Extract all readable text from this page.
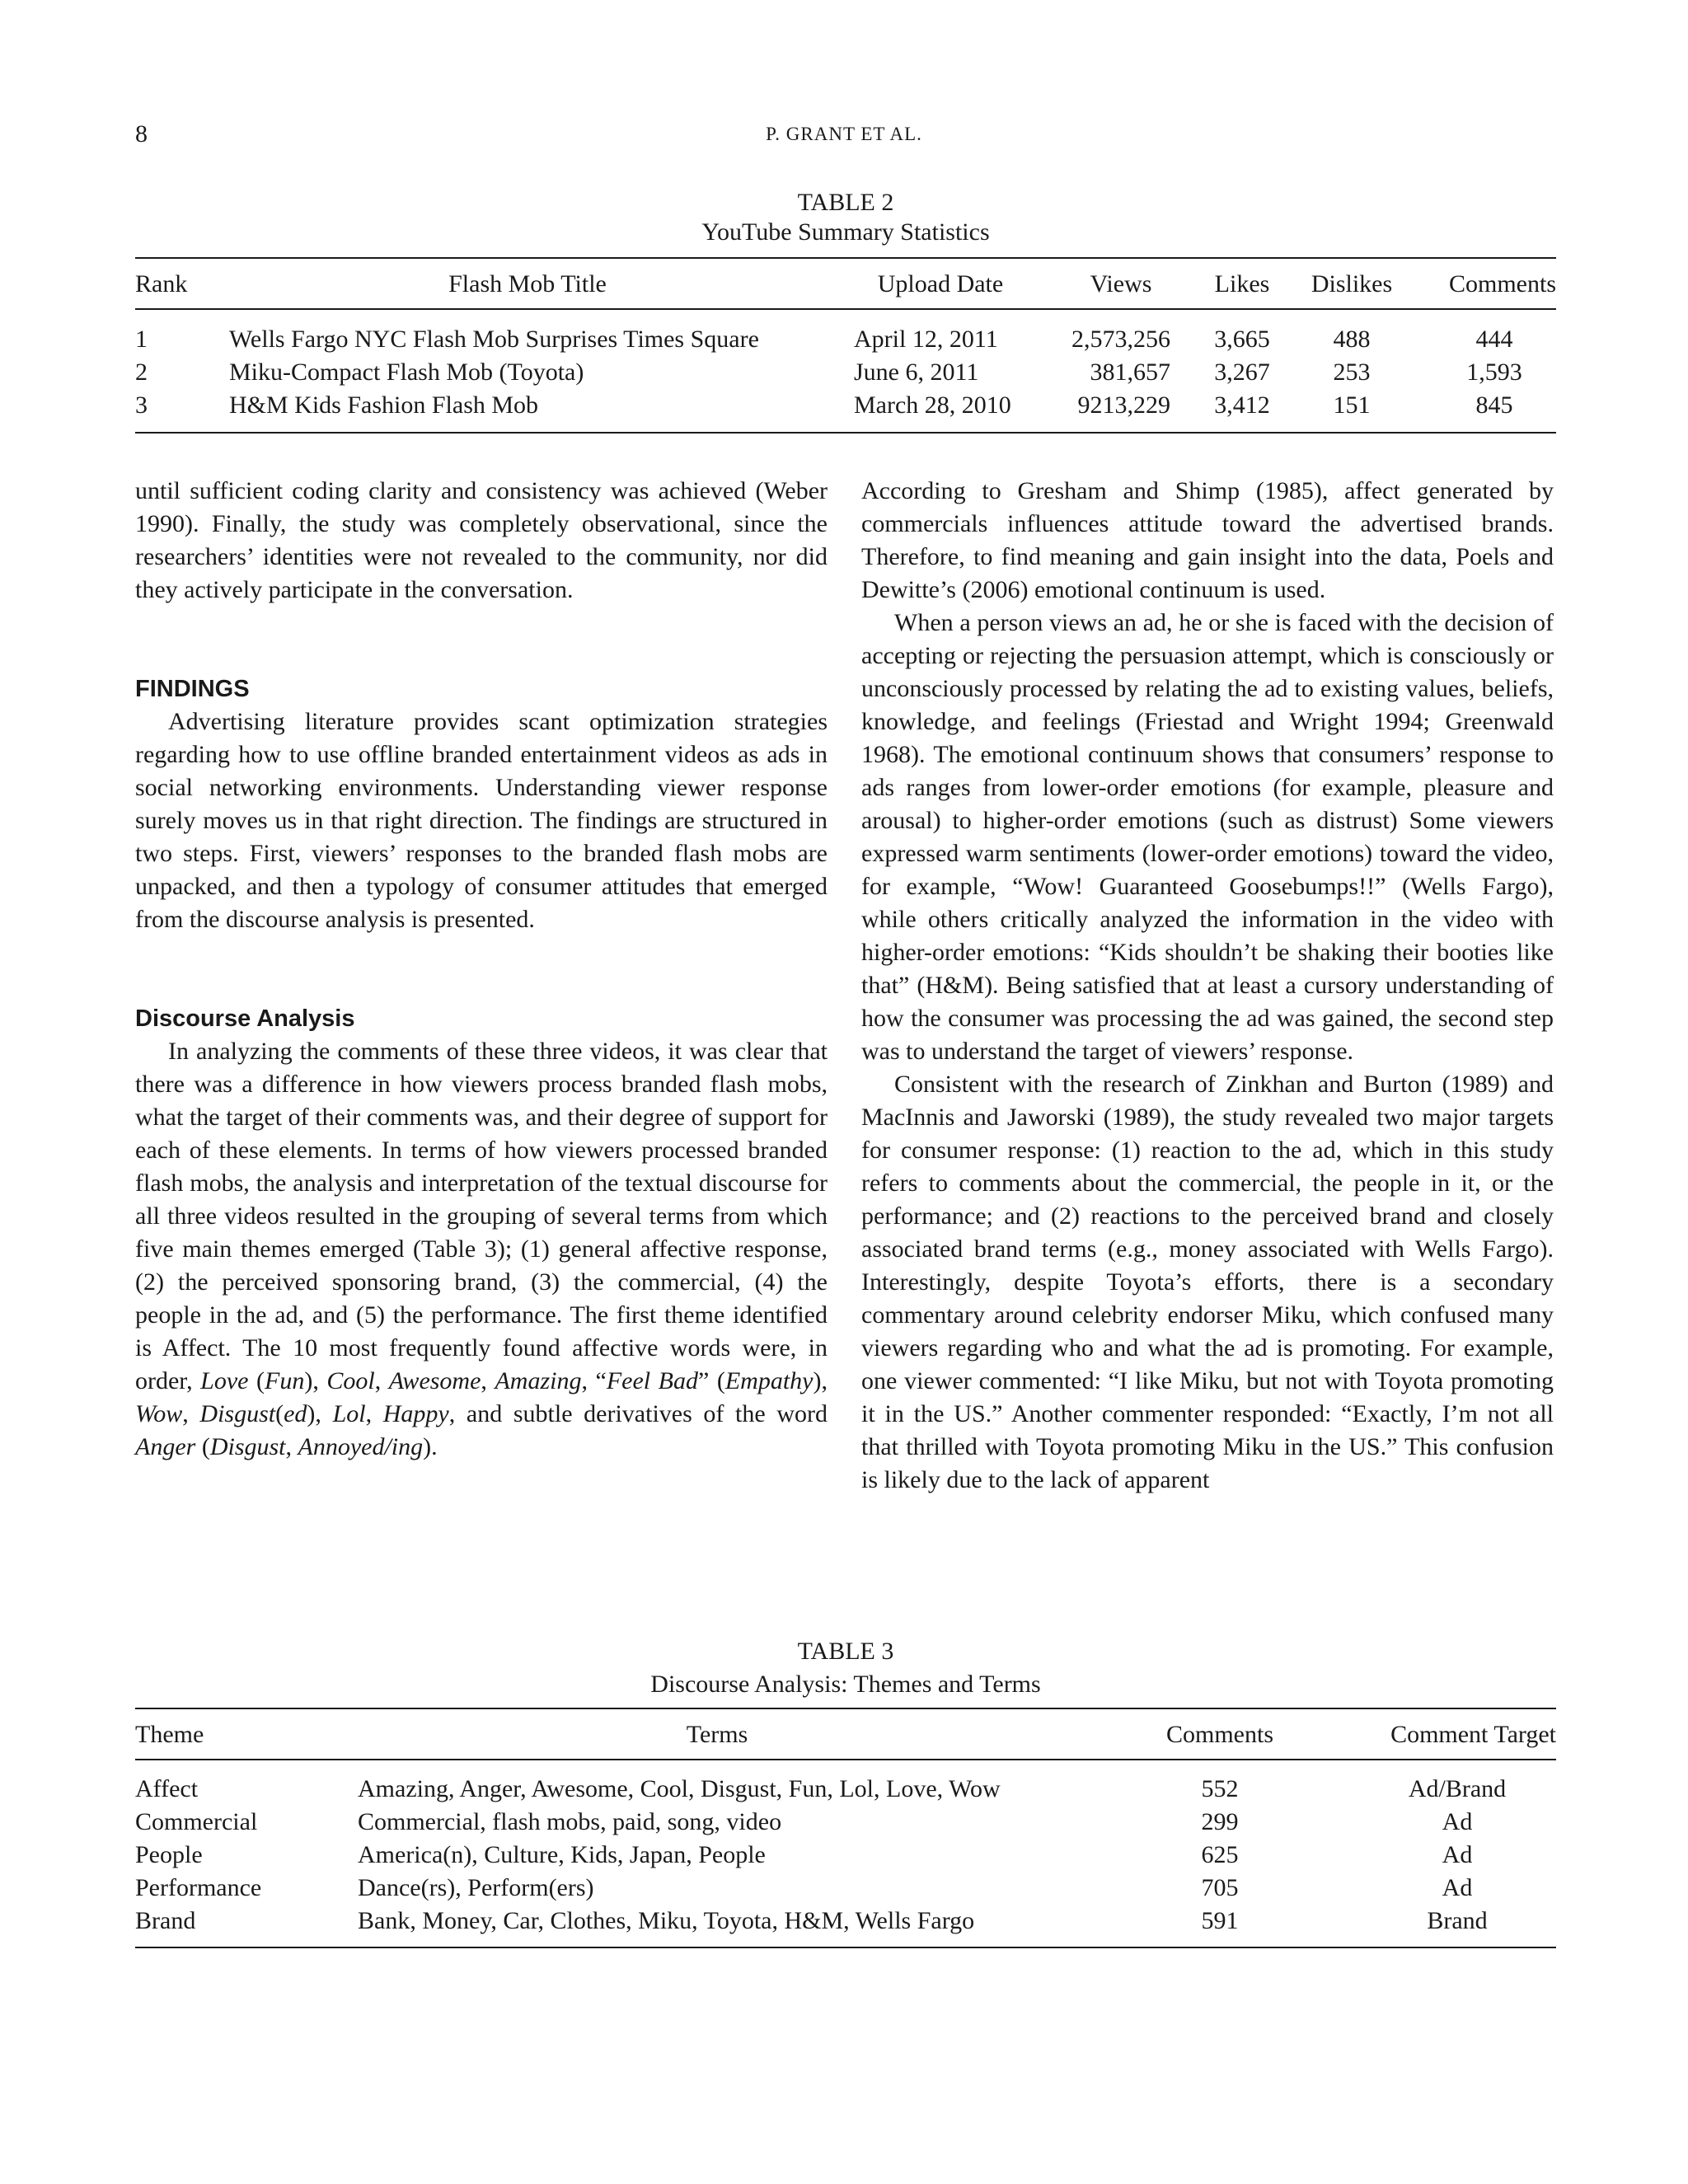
8	P. GRANT ET AL.
TABLE 2
YouTube Summary Statistics
Rank	Flash Mob Title	Upload Date	Views	Likes	Dislikes	Comments
1	Wells Fargo NYC Flash Mob Surprises Times Square	April 12, 2011	2,573,256	3,665	488	444
2	Miku-Compact Flash Mob (Toyota)	June 6, 2011	381,657	3,267	253	1,593
3	H&M Kids Fashion Flash Mob	March 28, 2010	9213,229	3,412	151	845

until sufficient coding clarity and consistency was achieved (Weber 1990). Finally, the study was completely observational, since the researchers’ identities were not revealed to the community, nor did they actively participate in the conversation.

FINDINGS

Advertising literature provides scant optimization strategies regarding how to use offline branded entertainment videos as ads in social networking environments. Understanding viewer response surely moves us in that right direction. The findings are structured in two steps. First, viewers’ responses to the branded flash mobs are unpacked, and then a typology of consumer attitudes that emerged from the discourse analysis is presented.

Discourse Analysis

In analyzing the comments of these three videos, it was clear that there was a difference in how viewers process branded flash mobs, what the target of their comments was, and their degree of support for each of these elements. In terms of how viewers processed branded flash mobs, the analysis and interpretation of the textual discourse for all three videos resulted in the grouping of several terms from which five main themes emerged (Table 3); (1) general affective response, (2) the perceived sponsoring brand, (3) the commercial, (4) the people in the ad, and (5) the performance. The first theme identified is Affect. The 10 most frequently found affective words were, in order, Love (Fun), Cool, Awesome, Amazing, “Feel Bad” (Empathy), Wow, Disgust(ed), Lol, Happy, and subtle derivatives of the word Anger (Disgust, Annoyed/ing).

According to Gresham and Shimp (1985), affect generated by commercials influences attitude toward the advertised brands. Therefore, to find meaning and gain insight into the data, Poels and Dewitte’s (2006) emotional continuum is used.

When a person views an ad, he or she is faced with the decision of accepting or rejecting the persuasion attempt, which is consciously or unconsciously processed by relating the ad to existing values, beliefs, knowledge, and feelings (Friestad and Wright 1994; Greenwald 1968). The emotional continuum shows that consumers’ response to ads ranges from lower-order emotions (for example, pleasure and arousal) to higher-order emotions (such as distrust) Some viewers expressed warm sentiments (lower-order emotions) toward the video, for example, “Wow! Guaranteed Goosebumps!!” (Wells Fargo), while others critically analyzed the information in the video with higher-order emotions: “Kids shouldn’t be shaking their booties like that” (H&M). Being satisfied that at least a cursory understanding of how the consumer was processing the ad was gained, the second step was to understand the target of viewers’ response.

Consistent with the research of Zinkhan and Burton (1989) and MacInnis and Jaworski (1989), the study revealed two major targets for consumer response: (1) reaction to the ad, which in this study refers to comments about the commercial, the people in it, or the performance; and (2) reactions to the perceived brand and closely associated brand terms (e.g., money associated with Wells Fargo). Interestingly, despite Toyota’s efforts, there is a secondary commentary around celebrity endorser Miku, which confused many viewers regarding who and what the ad is promoting. For example, one viewer commented: “I like Miku, but not with Toyota promoting it in the US.” Another commenter responded: “Exactly, I’m not all that thrilled with Toyota promoting Miku in the US.” This confusion is likely due to the lack of apparent

TABLE 3
Discourse Analysis: Themes and Terms
Theme	Terms	Comments	Comment Target
Affect	Amazing, Anger, Awesome, Cool, Disgust, Fun, Lol, Love, Wow	552	Ad/Brand
Commercial	Commercial, flash mobs, paid, song, video	299	Ad
People	America(n), Culture, Kids, Japan, People	625	Ad
Performance	Dance(rs), Perform(ers)	705	Ad
Brand	Bank, Money, Car, Clothes, Miku, Toyota, H&M, Wells Fargo	591	Brand
